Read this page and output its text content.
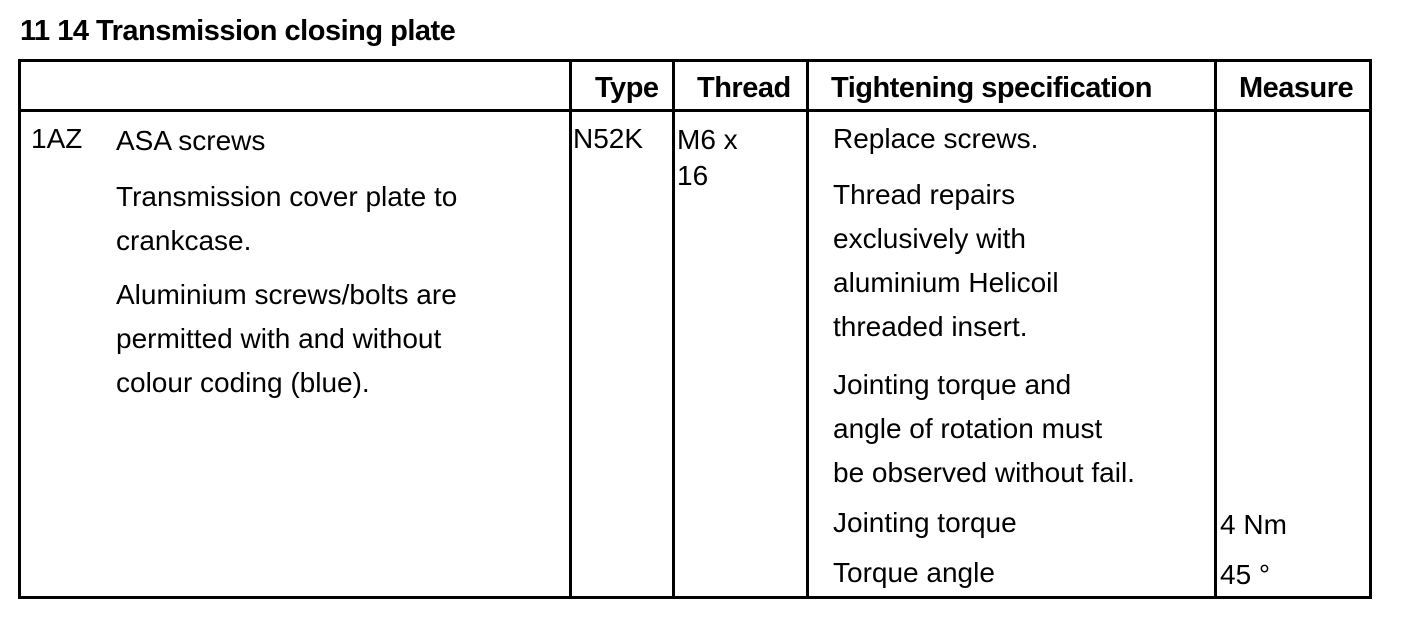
11 14 Transmission closing plate
Type Thread Tightening specification	Measure
1AZ ASA screws

Transmission cover plate to

crankcase.

Aluminium screws/bolts are

permitted with and without

colour coding (blue).

N52K M6 x

16

Replace screws.

Thread repairs

exclusively with

aluminium Helicoil

threaded insert.

Jointing torque and

angle of rotation must

be observed without fail.

Jointing torque

Torque angle

4 Nm
45 °
